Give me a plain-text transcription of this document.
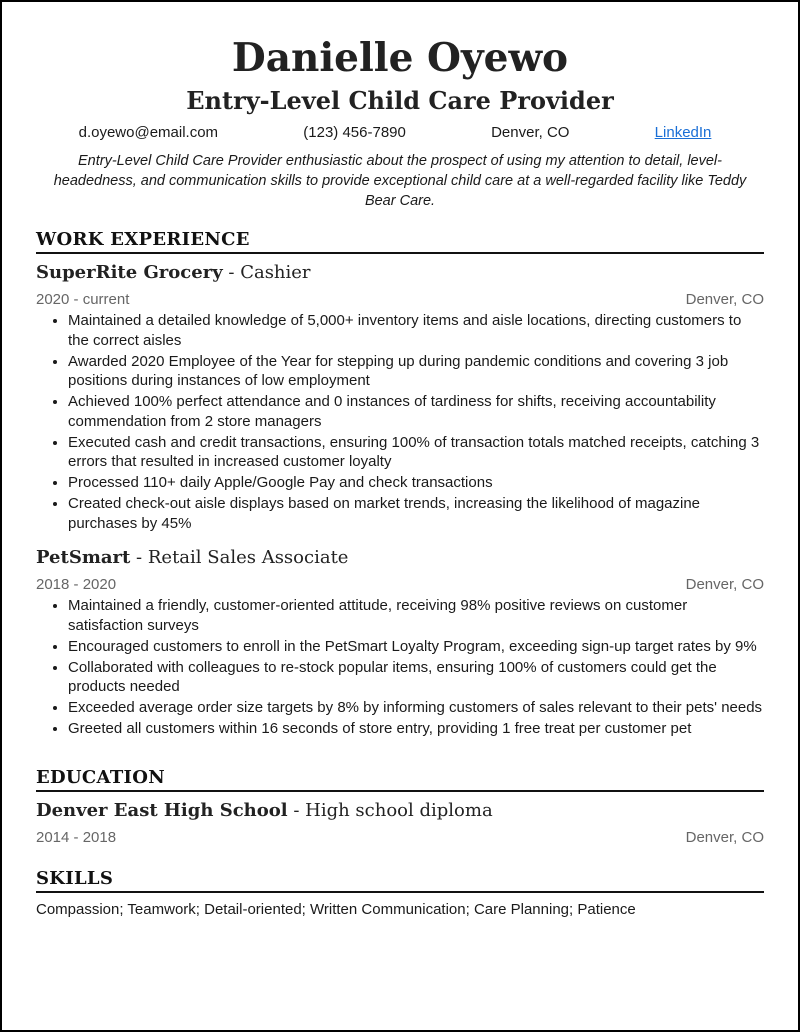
Danielle Oyewo
Entry-Level Child Care Provider
d.oyewo@email.com	(123) 456-7890	Denver, CO	LinkedIn
Entry-Level Child Care Provider enthusiastic about the prospect of using my attention to detail, level-headedness, and communication skills to provide exceptional child care at a well-regarded facility like Teddy Bear Care.
WORK EXPERIENCE
SuperRite Grocery - Cashier
2020 - current	Denver, CO
• Maintained a detailed knowledge of 5,000+ inventory items and aisle locations, directing customers to the correct aisles
• Awarded 2020 Employee of the Year for stepping up during pandemic conditions and covering 3 job positions during instances of low employment
• Achieved 100% perfect attendance and 0 instances of tardiness for shifts, receiving accountability commendation from 2 store managers
• Executed cash and credit transactions, ensuring 100% of transaction totals matched receipts, catching 3 errors that resulted in increased customer loyalty
• Processed 110+ daily Apple/Google Pay and check transactions
• Created check-out aisle displays based on market trends, increasing the likelihood of magazine purchases by 45%
PetSmart - Retail Sales Associate
2018 - 2020	Denver, CO
• Maintained a friendly, customer-oriented attitude, receiving 98% positive reviews on customer satisfaction surveys
• Encouraged customers to enroll in the PetSmart Loyalty Program, exceeding sign-up target rates by 9%
• Collaborated with colleagues to re-stock popular items, ensuring 100% of customers could get the products needed
• Exceeded average order size targets by 8% by informing customers of sales relevant to their pets' needs
• Greeted all customers within 16 seconds of store entry, providing 1 free treat per customer pet
EDUCATION
Denver East High School - High school diploma
2014 - 2018	Denver, CO
SKILLS
Compassion; Teamwork; Detail-oriented; Written Communication; Care Planning; Patience
